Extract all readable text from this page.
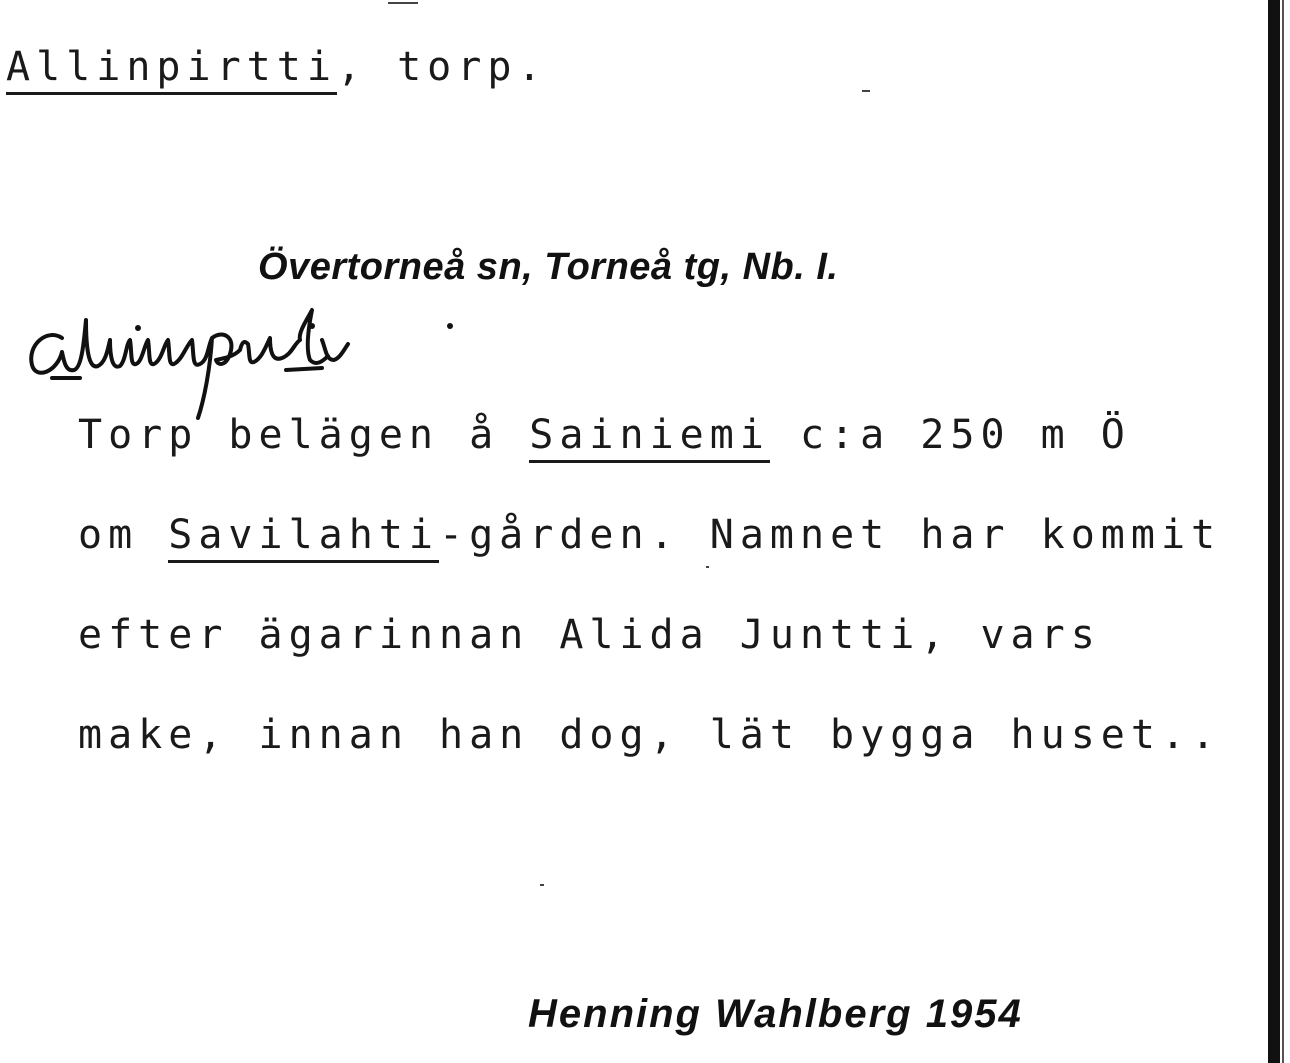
Allinpirtti, torp.
Övertorneå sn, Torneå tg, Nb. I.
Torp belägen å Sainiemi c:a 250 m Ö
om Savilahti-gården. Namnet har kommit
efter ägarinnan Alida Juntti, vars
make, innan han dog, lät bygga huset..
Henning Wahlberg 1954
